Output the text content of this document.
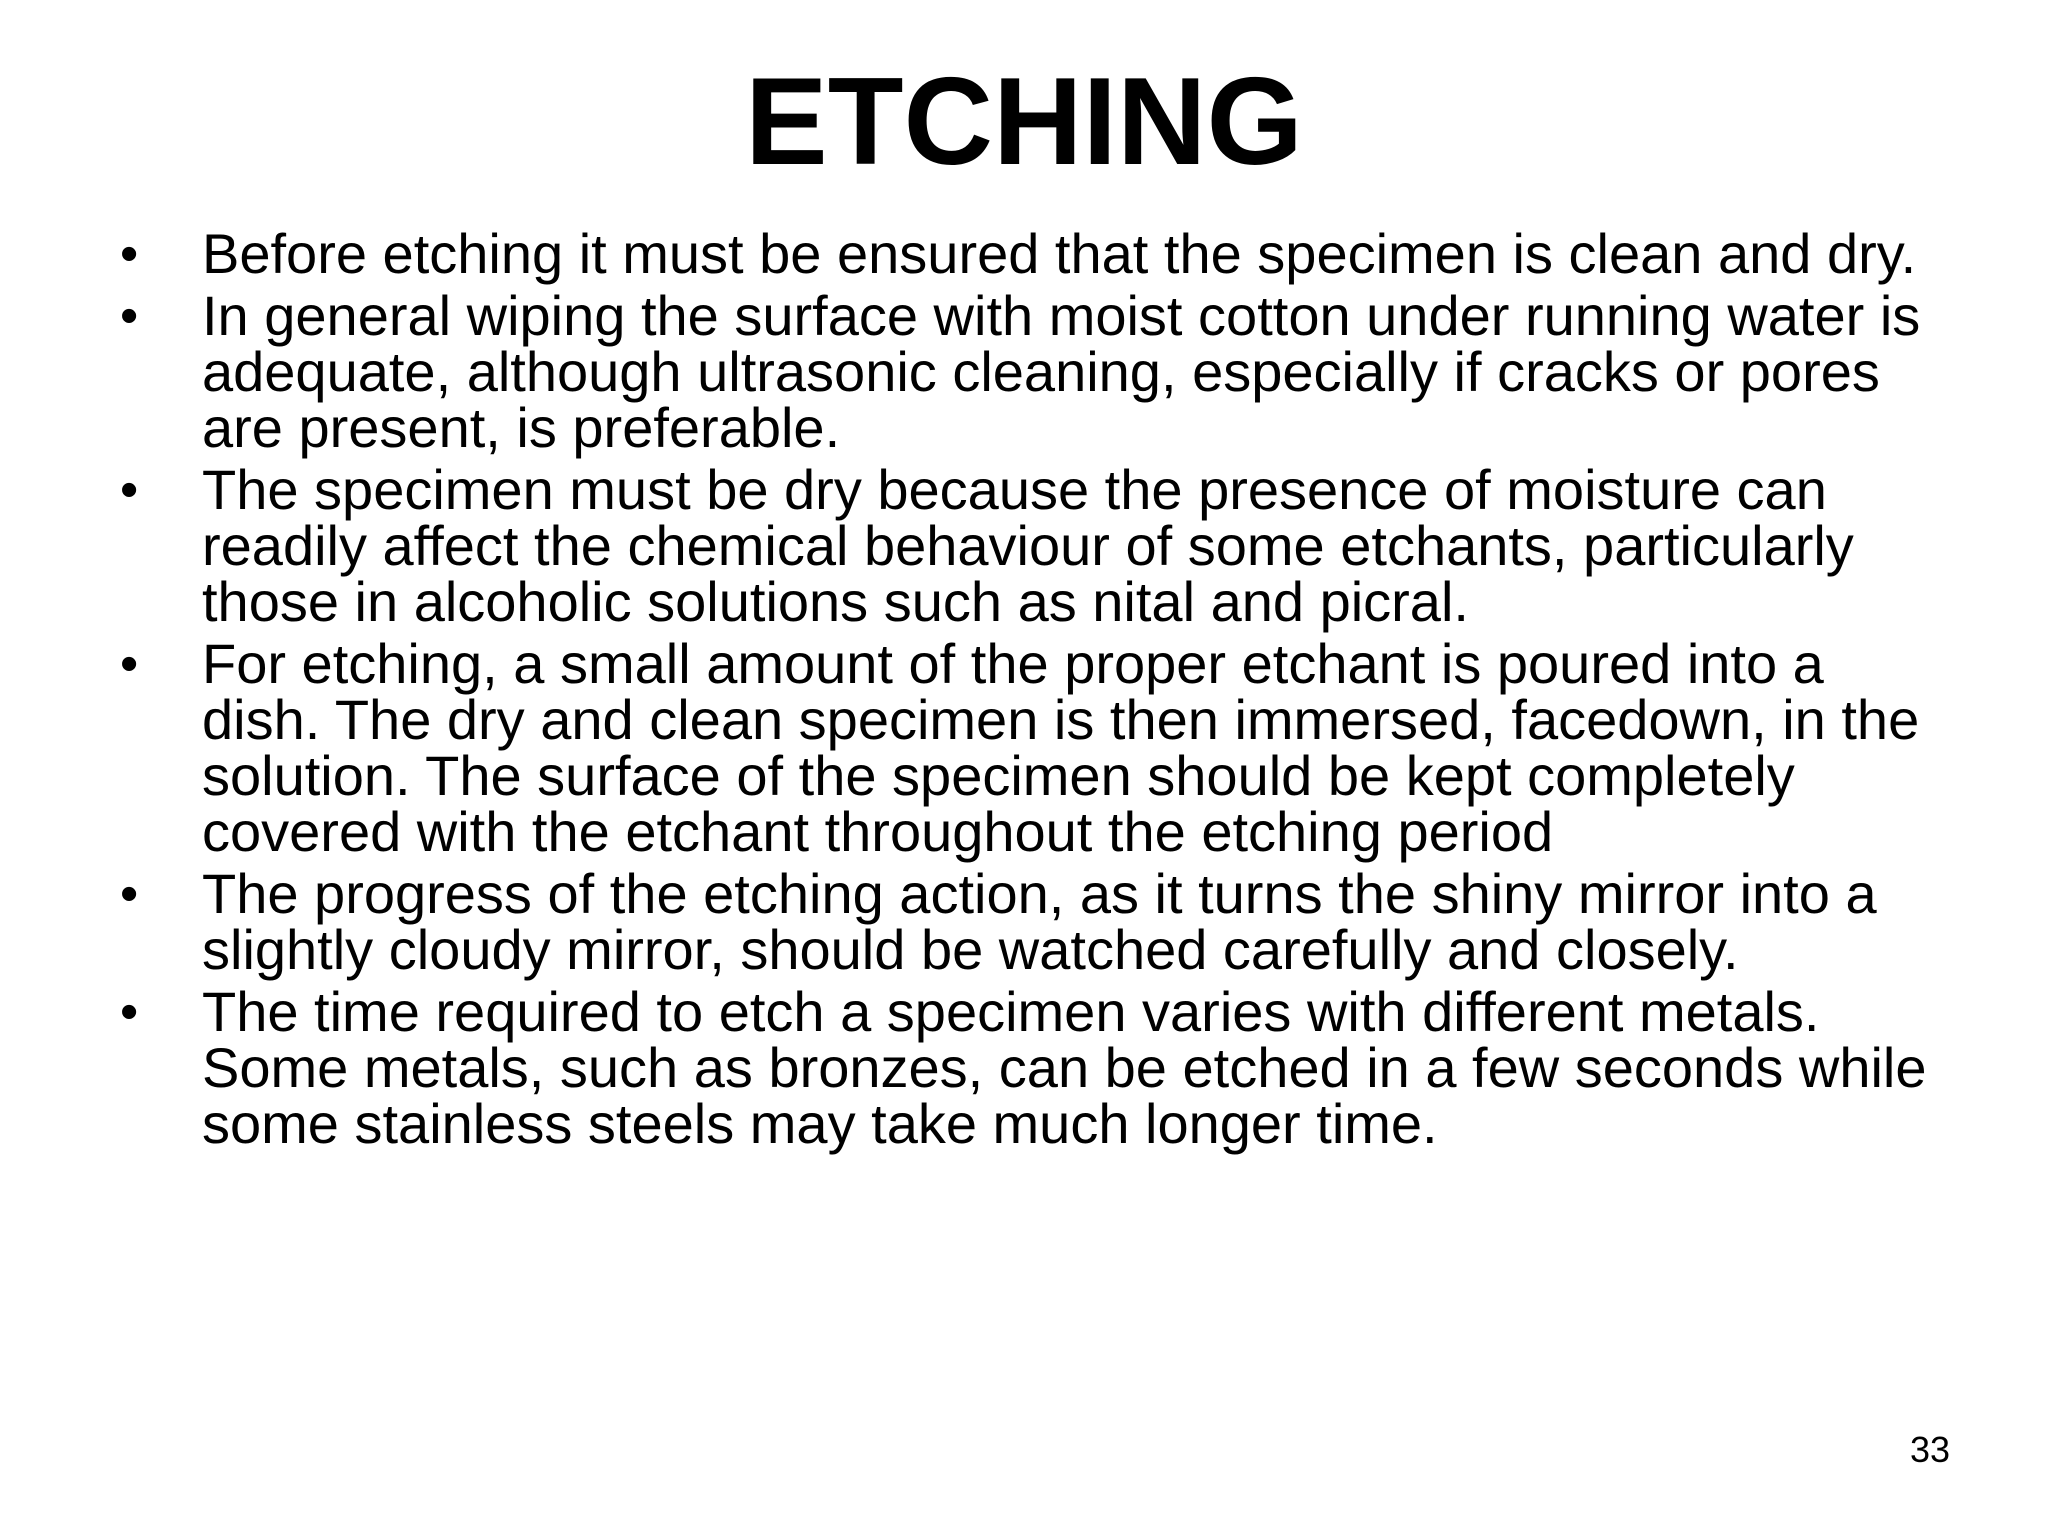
ETCHING
•	Before etching it must be ensured that the specimen is clean and dry.
•	In general wiping the surface with moist cotton under running water is adequate, although ultrasonic cleaning, especially if cracks or pores are present, is preferable.
•	The specimen must be dry because the presence of moisture can readily affect the chemical behaviour of some etchants, particularly those in alcoholic solutions such as nital and picral.
•	For etching, a small amount of the proper etchant is poured into a dish. The dry and clean specimen is then immersed, facedown, in the solution. The surface of the specimen should be kept completely covered with the etchant throughout the etching period
•	The progress of the etching action, as it turns the shiny mirror into a slightly cloudy mirror, should be watched carefully and closely.
•	The time required to etch a specimen varies with different metals. Some metals, such as bronzes, can be etched in a few seconds while some stainless steels may take much longer time.
33
